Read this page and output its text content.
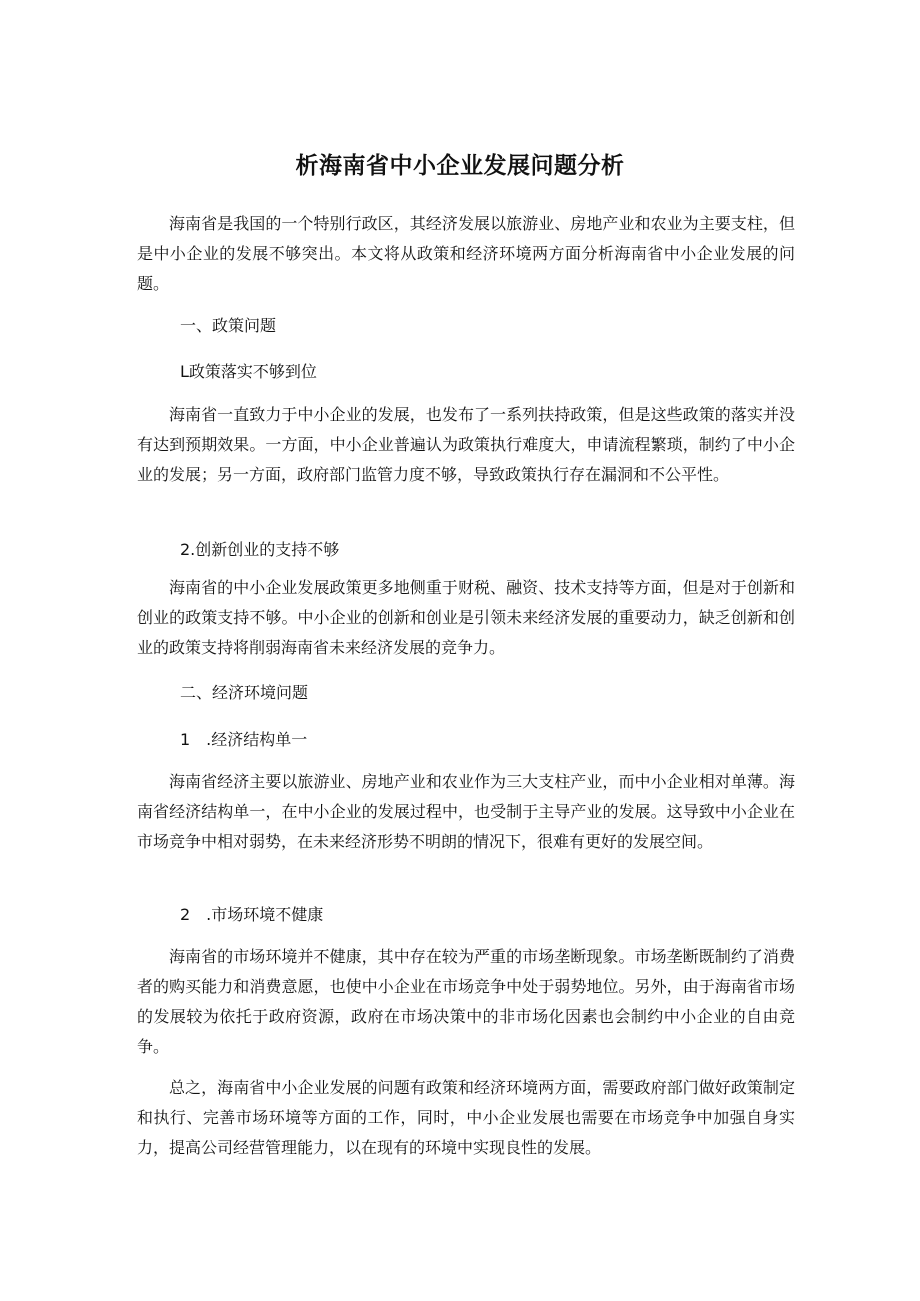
析海南省中小企业发展问题分析

海南省是我国的一个特别行政区，其经济发展以旅游业、房地产业和农业为主要支柱，但是中小企业的发展不够突出。本文将从政策和经济环境两方面分析海南省中小企业发展的问题。

一、政策问题

L政策落实不够到位

海南省一直致力于中小企业的发展，也发布了一系列扶持政策，但是这些政策的落实并没有达到预期效果。一方面，中小企业普遍认为政策执行难度大，申请流程繁琐，制约了中小企业的发展；另一方面，政府部门监管力度不够，导致政策执行存在漏洞和不公平性。

2.创新创业的支持不够

海南省的中小企业发展政策更多地侧重于财税、融资、技术支持等方面，但是对于创新和创业的政策支持不够。中小企业的创新和创业是引领未来经济发展的重要动力，缺乏创新和创业的政策支持将削弱海南省未来经济发展的竞争力。

二、经济环境问题

1　.经济结构单一

海南省经济主要以旅游业、房地产业和农业作为三大支柱产业，而中小企业相对单薄。海南省经济结构单一，在中小企业的发展过程中，也受制于主导产业的发展。这导致中小企业在市场竞争中相对弱势，在未来经济形势不明朗的情况下，很难有更好的发展空间。

2　.市场环境不健康

海南省的市场环境并不健康，其中存在较为严重的市场垄断现象。市场垄断既制约了消费者的购买能力和消费意愿，也使中小企业在市场竞争中处于弱势地位。另外，由于海南省市场的发展较为依托于政府资源，政府在市场决策中的非市场化因素也会制约中小企业的自由竞争。

总之，海南省中小企业发展的问题有政策和经济环境两方面，需要政府部门做好政策制定和执行、完善市场环境等方面的工作，同时，中小企业发展也需要在市场竞争中加强自身实力，提高公司经营管理能力，以在现有的环境中实现良性的发展。
